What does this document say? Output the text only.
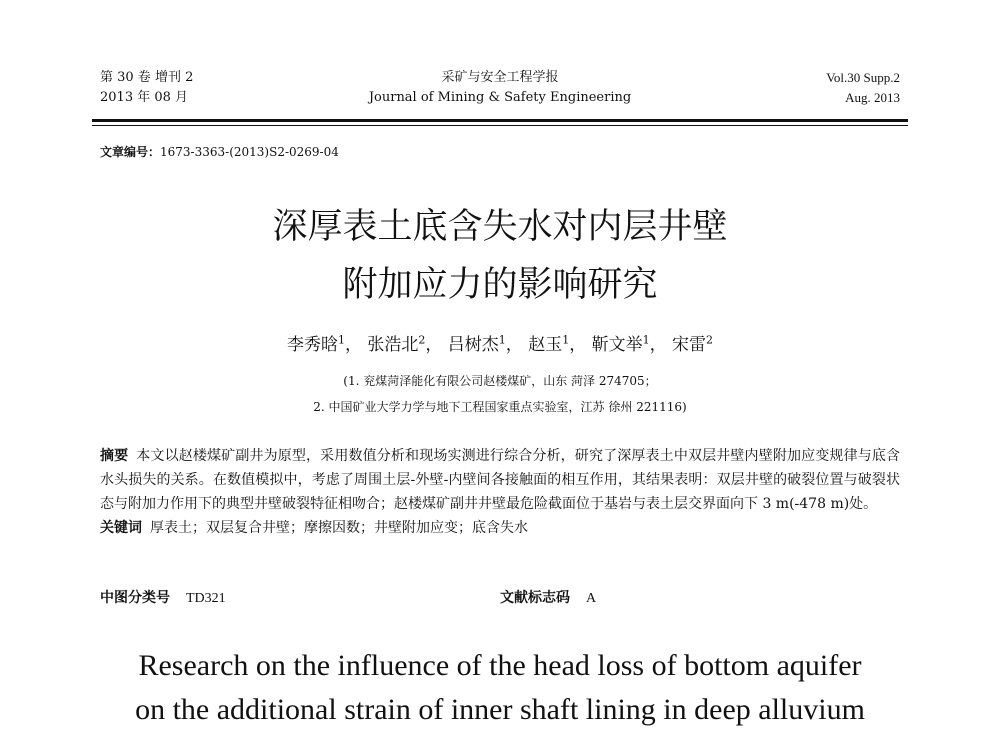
第 30 卷 增刊 2
2013 年 08 月
采矿与安全工程学报
Journal of Mining & Safety Engineering
Vol.30 Supp.2
Aug. 2013
文章编号：1673-3363-(2013)S2-0269-04
深厚表土底含失水对内层井壁
附加应力的影响研究
李秀晗$^1$， 张浩北$^2$， 吕树杰$^1$， 赵玉$^1$， 靳文举$^1$， 宋雷$^2$
(1. 兖煤菏泽能化有限公司赵楼煤矿，山东 菏泽 274705；
2. 中国矿业大学力学与地下工程国家重点实验室，江苏 徐州 221116)
摘要 本文以赵楼煤矿副井为原型，采用数值分析和现场实测进行综合分析，研究了深厚表土中双层井壁内壁附加应变规律与底含水头损失的关系。在数值模拟中，考虑了周围土层-外壁-内壁间各接触面的相互作用，其结果表明：双层井壁的破裂位置与破裂状态与附加力作用下的典型井壁破裂特征相吻合；赵楼煤矿副井井壁最危险截面位于基岩与表土层交界面向下 3 m(-478 m)处。
关键词 厚表土；双层复合井壁；摩擦因数；井壁附加应变；底含失水
中图分类号 TD321	文献标志码 A
Research on the influence of the head loss of bottom aquifer
on the additional strain of inner shaft lining in deep alluvium
